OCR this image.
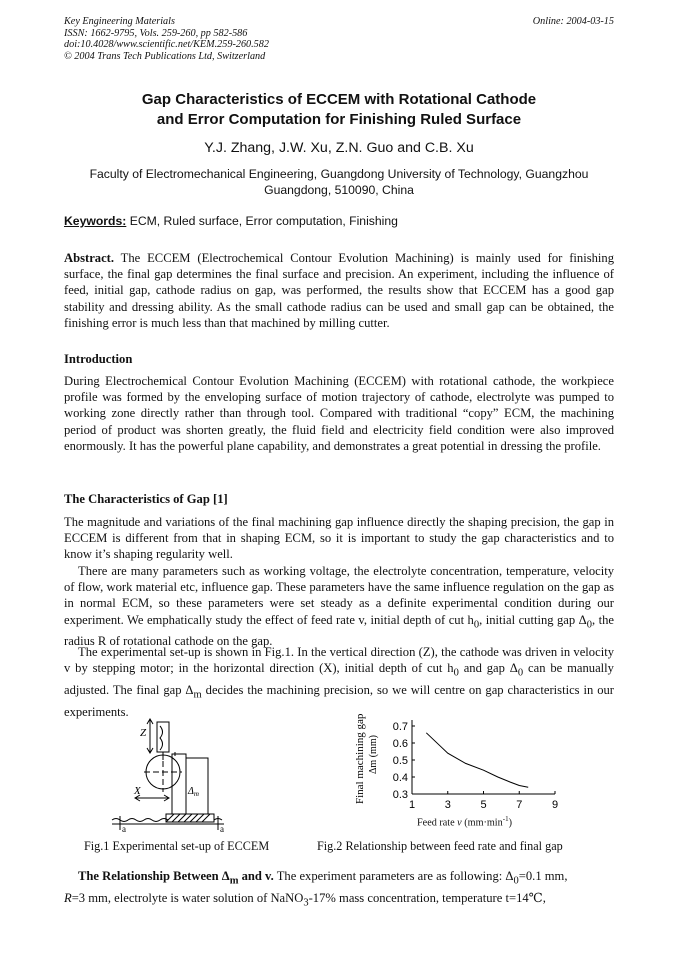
Key Engineering Materials
ISSN: 1662-9795, Vols. 259-260, pp 582-586
doi:10.4028/www.scientific.net/KEM.259-260.582
© 2004 Trans Tech Publications Ltd, Switzerland
Online: 2004-03-15
Gap Characteristics of ECCEM with Rotational Cathode
and Error Computation for Finishing Ruled Surface
Y.J. Zhang, J.W. Xu, Z.N. Guo and C.B. Xu
Faculty of Electromechanical Engineering, Guangdong University of Technology, Guangzhou
Guangdong, 510090, China
Keywords: ECM, Ruled surface, Error computation, Finishing
Abstract. The ECCEM (Electrochemical Contour Evolution Machining) is mainly used for finishing surface, the final gap determines the final surface and precision. An experiment, including the influence of feed, initial gap, cathode radius on gap, was performed, the results show that ECCEM has a good gap stability and dressing ability. As the small cathode radius can be used and small gap can be obtained, the finishing error is much less than that machined by milling cutter.
Introduction
During Electrochemical Contour Evolution Machining (ECCEM) with rotational cathode, the workpiece profile was formed by the enveloping surface of motion trajectory of cathode, electrolyte was pumped to working zone directly rather than through tool. Compared with traditional “copy” ECM, the machining period of product was shorten greatly, the fluid field and electricity field condition were also improved enormously. It has the powerful plane capability, and demonstrates a great potential in dressing the profile.
The Characteristics of Gap [1]
The magnitude and variations of the final machining gap influence directly the shaping precision, the gap in ECCEM is different from that in shaping ECM, so it is important to study the gap characteristics and to know it’s shaping regularity well.
There are many parameters such as working voltage, the electrolyte concentration, temperature, velocity of flow, work material etc, influence gap. These parameters have the same influence regulation on the gap as in normal ECM, so these parameters were set steady as a definite experimental condition during our experiment. We emphatically study the effect of feed rate v, initial depth of cut $h_0$, initial cutting gap $\Delta_0$, the radius R of rotational cathode on the gap.
The experimental set-up is shown in Fig.1. In the vertical direction (Z), the cathode was driven in velocity v by stepping motor; in the horizontal direction (X), initial depth of cut $h_0$ and gap $\Delta_0$ can be manually adjusted. The final gap $\Delta_m$ decides the machining precision, so we will centre on gap characteristics in our experiments.
Z
X
a	a
$\Delta_m$
Fig.1 Experimental set-up of ECCEM
Final machining gap Δm (mm)
0.3
0.4
0.5
0.6
0.7
1	3	5	7	9
Feed rate v $(mm\cdot\min^{-1})$
Fig.2 Relationship between feed rate and final gap
The Relationship Between $\Delta_m$ and v. The experiment parameters are as following: $\Delta_0=0.1$ mm,
R=3 mm, electrolyte is water solution of NaNO$_3$-17% mass concentration, temperature t=14℃,
